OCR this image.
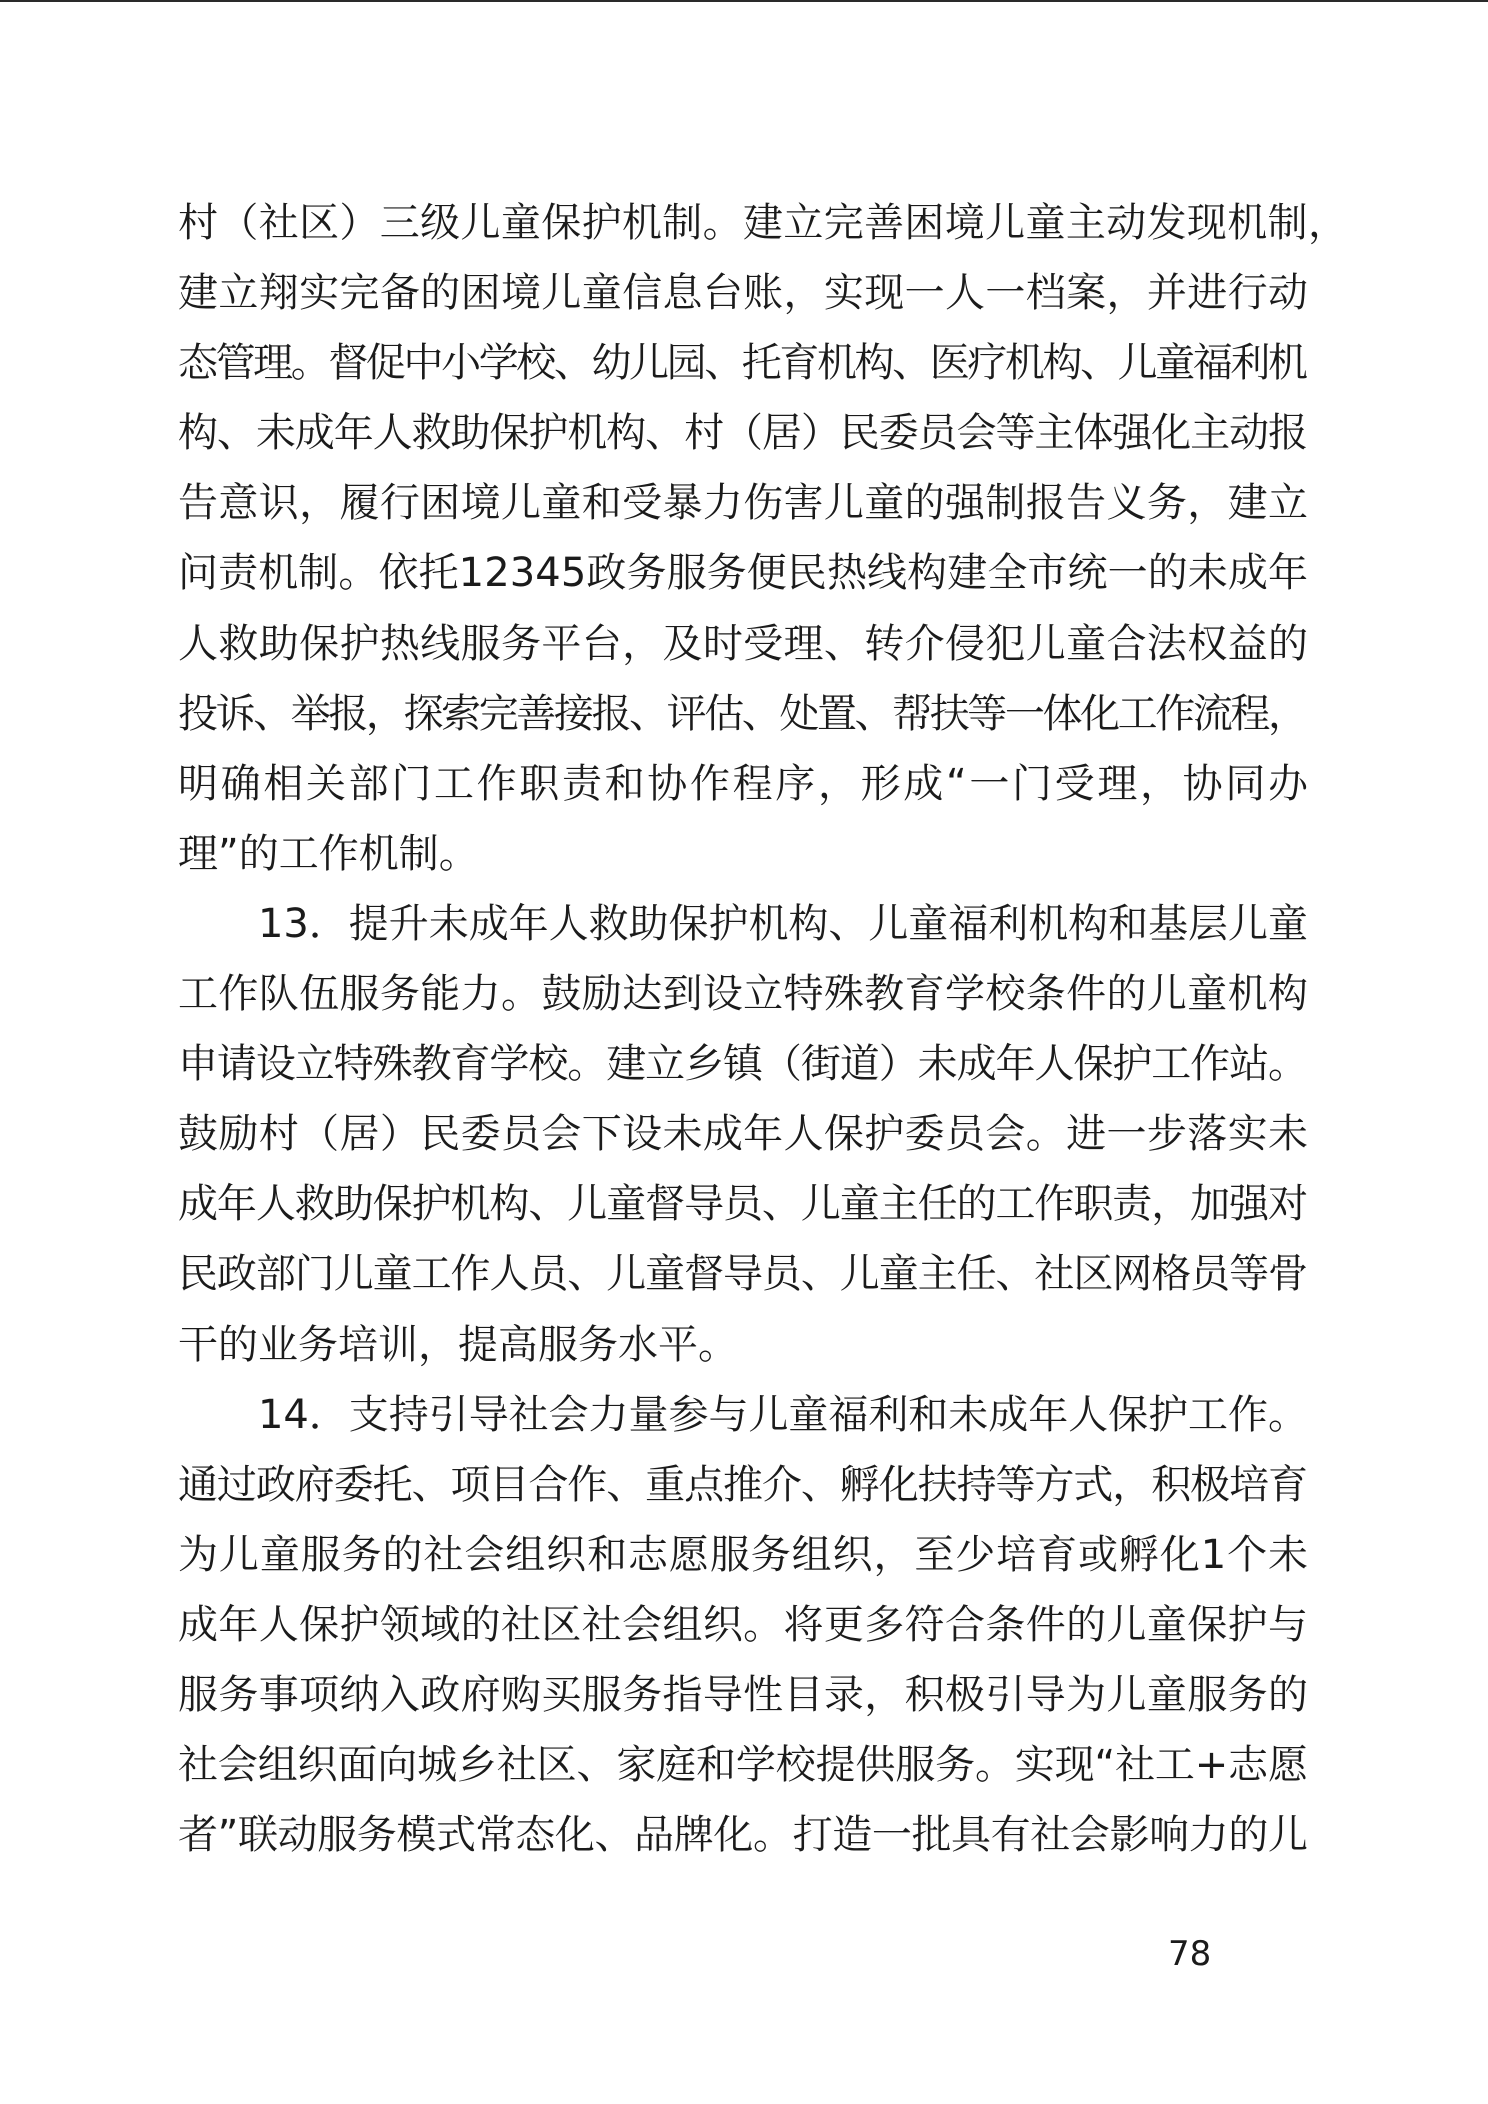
村（社区）三级儿童保护机制。建立完善困境儿童主动发现机制，
建立翔实完备的困境儿童信息台账，实现一人一档案，并进行动
态管理。督促中小学校、幼儿园、托育机构、医疗机构、儿童福利机
构、未成年人救助保护机构、村（居）民委员会等主体强化主动报
告意识，履行困境儿童和受暴力伤害儿童的强制报告义务，建立
问责机制。依托12345政务服务便民热线构建全市统一的未成年
人救助保护热线服务平台，及时受理、转介侵犯儿童合法权益的
投诉、举报，探索完善接报、评估、处置、帮扶等一体化工作流程，
明确相关部门工作职责和协作程序，形成“一门受理，协同办
理”的工作机制。
13．提升未成年人救助保护机构、儿童福利机构和基层儿童
工作队伍服务能力。鼓励达到设立特殊教育学校条件的儿童机构
申请设立特殊教育学校。建立乡镇（街道）未成年人保护工作站。
鼓励村（居）民委员会下设未成年人保护委员会。进一步落实未
成年人救助保护机构、儿童督导员、儿童主任的工作职责，加强对
民政部门儿童工作人员、儿童督导员、儿童主任、社区网格员等骨
干的业务培训，提高服务水平。
14．支持引导社会力量参与儿童福利和未成年人保护工作。
通过政府委托、项目合作、重点推介、孵化扶持等方式，积极培育
为儿童服务的社会组织和志愿服务组织，至少培育或孵化1个未
成年人保护领域的社区社会组织。将更多符合条件的儿童保护与
服务事项纳入政府购买服务指导性目录，积极引导为儿童服务的
社会组织面向城乡社区、家庭和学校提供服务。实现“社工+志愿
者”联动服务模式常态化、品牌化。打造一批具有社会影响力的儿
78
